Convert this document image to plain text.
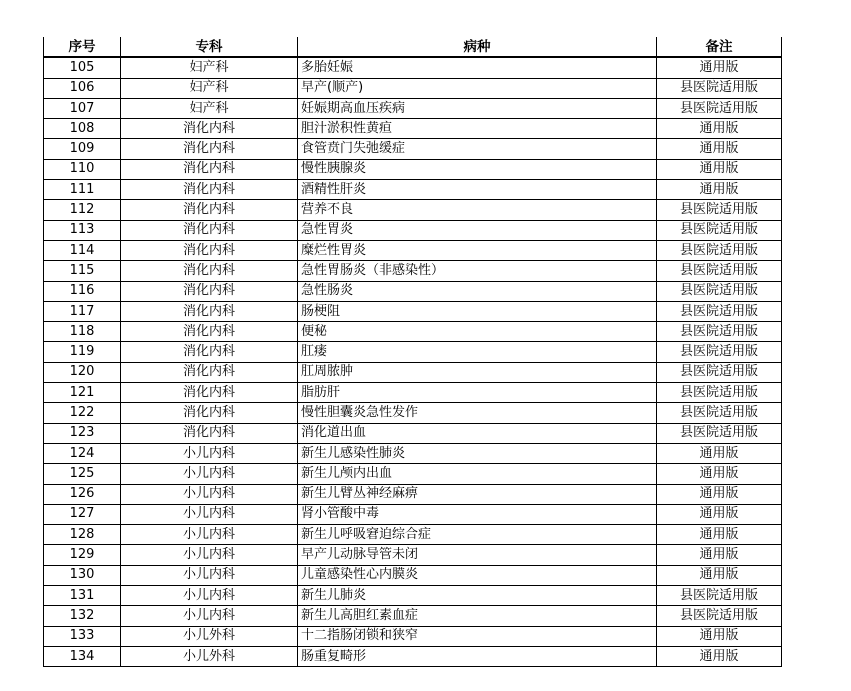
序号	专科	病种	备注
105	妇产科	多胎妊娠	通用版
106	妇产科	早产(顺产)	县医院适用版
107	妇产科	妊娠期高血压疾病	县医院适用版
108	消化内科	胆汁淤积性黄疸	通用版
109	消化内科	食管贲门失弛缓症	通用版
110	消化内科	慢性胰腺炎	通用版
111	消化内科	酒精性肝炎	通用版
112	消化内科	营养不良	县医院适用版
113	消化内科	急性胃炎	县医院适用版
114	消化内科	糜烂性胃炎	县医院适用版
115	消化内科	急性胃肠炎（非感染性）	县医院适用版
116	消化内科	急性肠炎	县医院适用版
117	消化内科	肠梗阻	县医院适用版
118	消化内科	便秘	县医院适用版
119	消化内科	肛瘘	县医院适用版
120	消化内科	肛周脓肿	县医院适用版
121	消化内科	脂肪肝	县医院适用版
122	消化内科	慢性胆囊炎急性发作	县医院适用版
123	消化内科	消化道出血	县医院适用版
124	小儿内科	新生儿感染性肺炎	通用版
125	小儿内科	新生儿颅内出血	通用版
126	小儿内科	新生儿臂丛神经麻痹	通用版
127	小儿内科	肾小管酸中毒	通用版
128	小儿内科	新生儿呼吸窘迫综合症	通用版
129	小儿内科	早产儿动脉导管未闭	通用版
130	小儿内科	儿童感染性心内膜炎	通用版
131	小儿内科	新生儿肺炎	县医院适用版
132	小儿内科	新生儿高胆红素血症	县医院适用版
133	小儿外科	十二指肠闭锁和狭窄	通用版
134	小儿外科	肠重复畸形	通用版
